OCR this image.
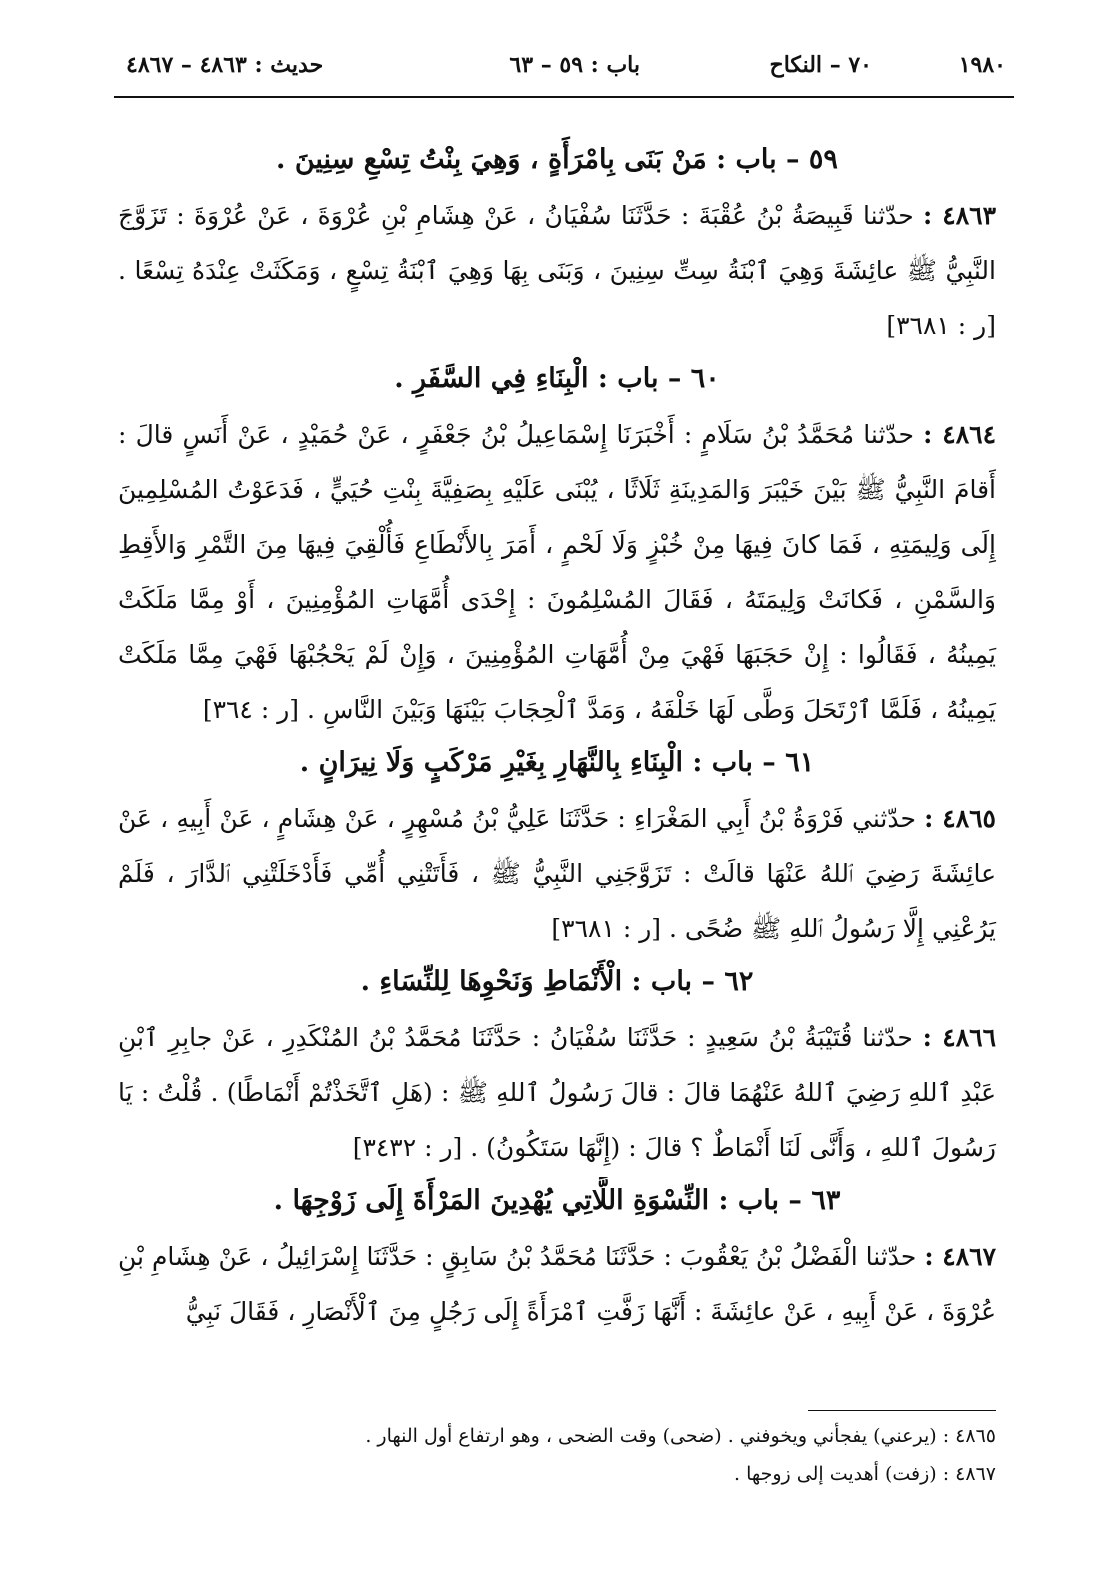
١٩٨٠
٧٠ – النكاح
باب : ٥٩ – ٦٣
حديث : ٤٨٦٣ – ٤٨٦٧
٥٩ – باب : مَنْ بَنَى بِامْرَأَةٍ ، وَهِيَ بِنْتُ تِسْعِ سِنِينَ .

٤٨٦٣ : حدّثنا قَبِيصَةُ بْنُ عُقْبَةَ : حَدَّثَنَا سُفْيَانُ ، عَنْ هِشَامِ بْنِ عُرْوَةَ ، عَنْ عُرْوَةَ : تَزَوَّجَ النَّبِيُّ ﷺ عائِشَةَ وَهِيَ ٱبْنَةُ سِتِّ سِنِينَ ، وَبَنَى بِهَا وَهِيَ ٱبْنَةُ تِسْعٍ ، وَمَكَثَتْ عِنْدَهُ تِسْعًا . [ر : ٣٦٨١]

٦٠ – باب : الْبِنَاءِ فِي السَّفَرِ .

٤٨٦٤ : حدّثنا مُحَمَّدُ بْنُ سَلَامٍ : أَخْبَرَنَا إِسْمَاعِيلُ بْنُ جَعْفَرٍ ، عَنْ حُمَيْدٍ ، عَنْ أَنَسٍ قالَ : أَقامَ النَّبِيُّ ﷺ بَيْنَ خَيْبَرَ وَالمَدِينَةِ ثَلَاثًا ، يُبْنَى عَلَيْهِ بِصَفِيَّةَ بِنْتِ حُيَيٍّ ، فَدَعَوْتُ المُسْلِمِينَ إِلَى وَلِيمَتِهِ ، فَمَا كانَ فِيهَا مِنْ خُبْزٍ وَلَا لَحْمٍ ، أَمَرَ بِالأَنْطَاعِ فَأُلْقِيَ فِيهَا مِنَ التَّمْرِ وَالأَقِطِ وَالسَّمْنِ ، فَكانَتْ وَلِيمَتَهُ ، فَقَالَ المُسْلِمُونَ : إِحْدَى أُمَّهَاتِ المُؤْمِنِينَ ، أَوْ مِمَّا مَلَكَتْ يَمِينُهُ ، فَقَالُوا : إِنْ حَجَبَهَا فَهْيَ مِنْ أُمَّهَاتِ المُؤْمِنِينَ ، وَإِنْ لَمْ يَحْجُبْهَا فَهْيَ مِمَّا مَلَكَتْ يَمِينُهُ ، فَلَمَّا ٱرْتَحَلَ وَطَّى لَهَا خَلْفَهُ ، وَمَدَّ ٱلْحِجَابَ بَيْنَهَا وَبَيْنَ النَّاسِ . [ر : ٣٦٤]

٦١ – باب : الْبِنَاءِ بِالنَّهَارِ بِغَيْرِ مَرْكَبٍ وَلَا نِيرَانٍ .

٤٨٦٥ : حدّثني فَرْوَةُ بْنُ أَبِي المَغْرَاءِ : حَدَّثَنَا عَلِيُّ بْنُ مُسْهِرٍ ، عَنْ هِشَامٍ ، عَنْ أَبِيهِ ، عَنْ عائِشَةَ رَضِيَ ٱللهُ عَنْهَا قالَتْ : تَزَوَّجَنِي النَّبِيُّ ﷺ ، فَأَتَتْنِي أُمِّي فَأَدْخَلَتْنِي ٱلدَّارَ ، فَلَمْ يَرُعْنِي إِلَّا رَسُولُ ٱللهِ ﷺ ضُحًى . [ر : ٣٦٨١]

٦٢ – باب : الْأَنْمَاطِ وَنَحْوِهَا لِلنِّسَاءِ .

٤٨٦٦ : حدّثنا قُتَيْبَةُ بْنُ سَعِيدٍ : حَدَّثَنَا سُفْيَانُ : حَدَّثَنَا مُحَمَّدُ بْنُ المُنْكَدِرِ ، عَنْ جابِرِ ٱبْنِ عَبْدِ ٱللهِ رَضِيَ ٱللهُ عَنْهُمَا قالَ : قالَ رَسُولُ ٱللهِ ﷺ : (هَلِ ٱتَّخَذْتُمْ أَنْمَاطًا) . قُلْتُ : يَا رَسُولَ ٱللهِ ، وَأَنَّى لَنَا أَنْمَاطٌ ؟ قالَ : (إِنَّهَا سَتَكُونُ) . [ر : ٣٤٣٢]

٦٣ – باب : النِّسْوَةِ اللَّاتِي يُهْدِينَ المَرْأَةَ إِلَى زَوْجِهَا .

٤٨٦٧ : حدّثنا الْفَضْلُ بْنُ يَعْقُوبَ : حَدَّثَنَا مُحَمَّدُ بْنُ سَابِقٍ : حَدَّثَنَا إِسْرَائِيلُ ، عَنْ هِشَامِ بْنِ عُرْوَةَ ، عَنْ أَبِيهِ ، عَنْ عائِشَةَ : أَنَّهَا زَفَّتِ ٱمْرَأَةً إِلَى رَجُلٍ مِنَ ٱلْأَنْصَارِ ، فَقَالَ نَبِيُّ

٤٨٦٥ : (يرعني) يفجأني ويخوفني . (ضحى) وقت الضحى ، وهو ارتفاع أول النهار .
٤٨٦٧ : (زفت) أهديت إلى زوجها .
